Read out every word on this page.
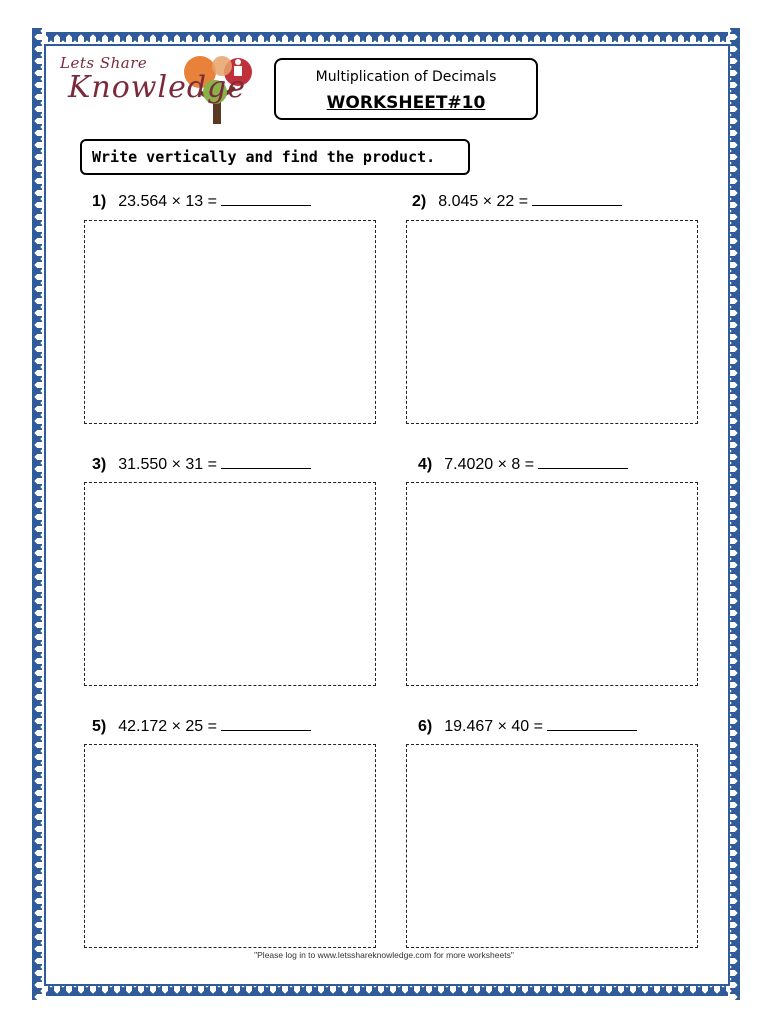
Lets Share
Knowledge	Multiplication of Decimals
WORKSHEET#10
Write vertically and find the product.
1) 23.564 × 13 =	2) 8.045 × 22 =
3) 31.550 × 31 =	4) 7.4020 × 8 =
5) 42.172 × 25 =	6) 19.467 × 40 =
"Please log in to www.letsshareknowledge.com for more worksheets"
